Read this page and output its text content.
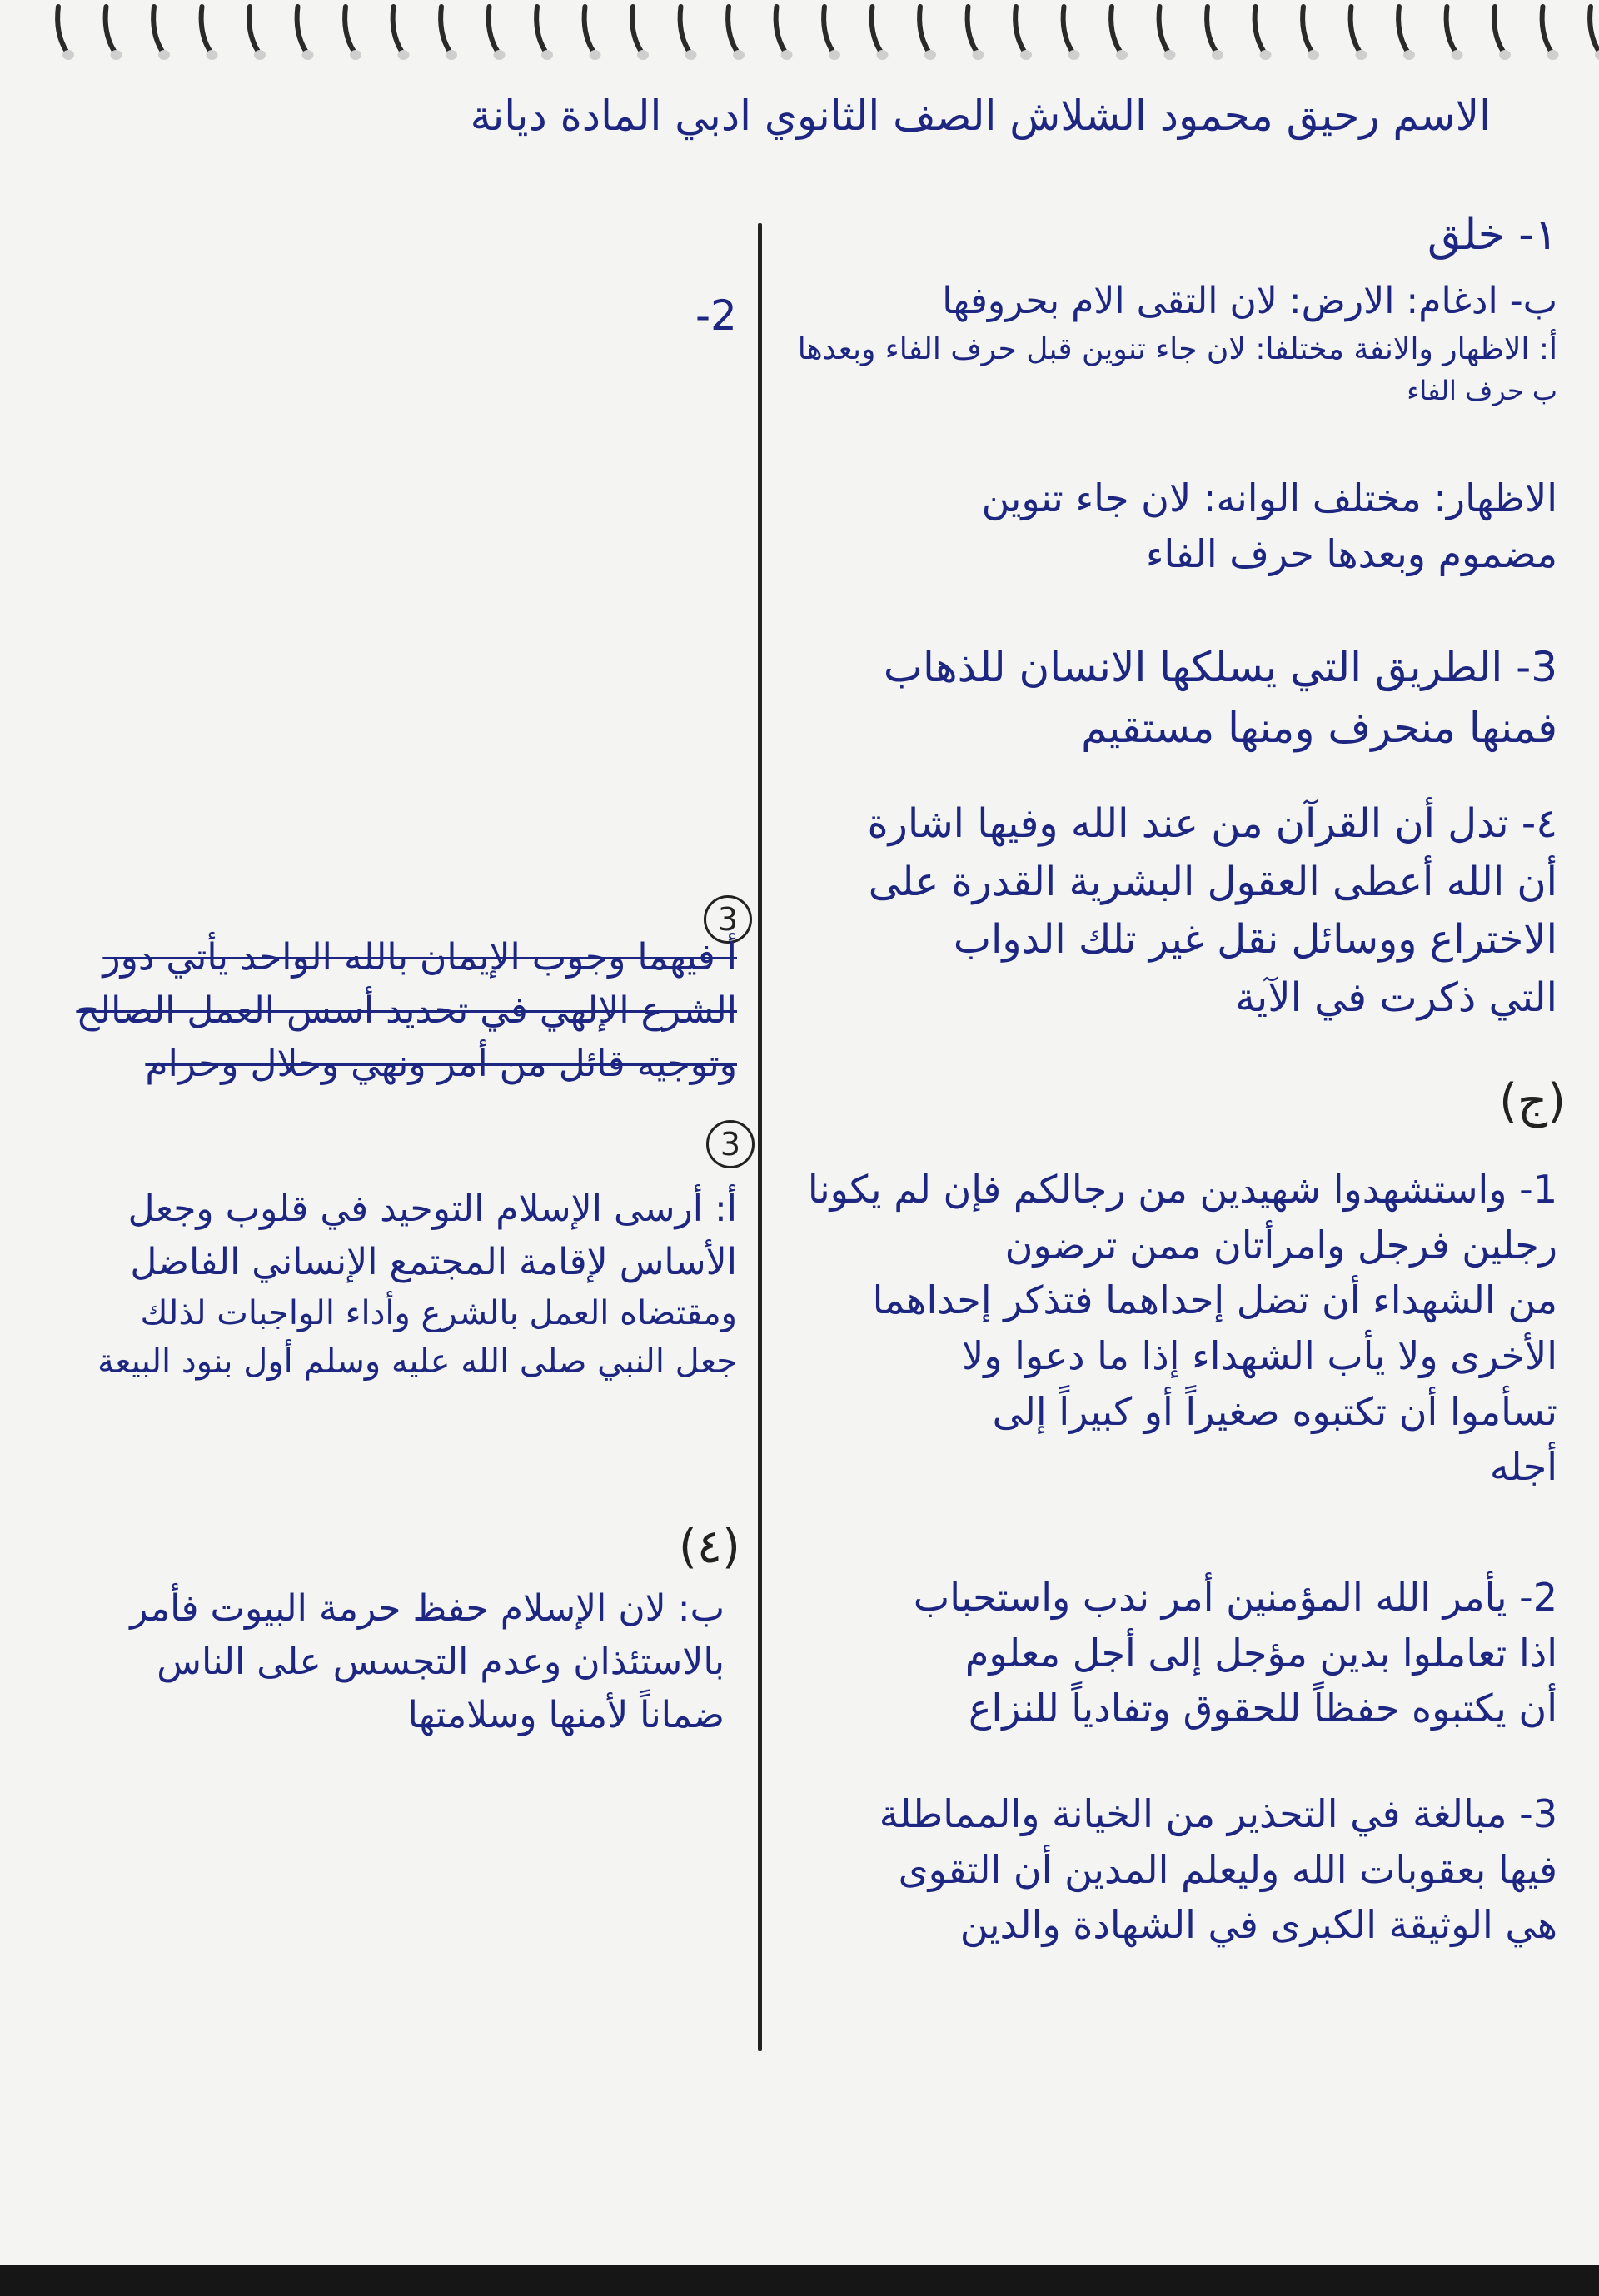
الاسم رحيق محمود الشلاش الصف الثانوي ادبي المادة ديانة
١- خلق
ب- ادغام: الارض: لان التقى الام بحروفها
أ: الاظهار والانفة مختلفا: لان جاء تنوين قبل حرف الفاء وبعدها
ب حرف الفاء
الاظهار: مختلف الوانه: لان جاء تنوين
مضموم وبعدها حرف الفاء
3- الطريق التي يسلكها الانسان للذهاب
فمنها منحرف ومنها مستقيم
٤- تدل أن القرآن من عند الله وفيها اشارة
أن الله أعطى العقول البشرية القدرة على
الاختراع ووسائل نقل غير تلك الدواب
التي ذكرت في الآية
(ج)
1- واستشهدوا شهيدين من رجالكم فإن لم يكونا
رجلين فرجل وامرأتان ممن ترضون
من الشهداء أن تضل إحداهما فتذكر إحداهما
الأخرى ولا يأب الشهداء إذا ما دعوا ولا
تسأموا أن تكتبوه صغيراً أو كبيراً إلى
أجله
2- يأمر الله المؤمنين أمر ندب واستحباب
اذا تعاملوا بدين مؤجل إلى أجل معلوم
أن يكتبوه حفظاً للحقوق وتفادياً للنزاع
3- مبالغة في التحذير من الخيانة والمماطلة
فيها بعقوبات الله وليعلم المدين أن التقوى
هي الوثيقة الكبرى في الشهادة والدين
-2
3
أ فيهما وجوب الإيمان بالله الواحد يأتي دور
الشرع الإلهي في تحديد أسس العمل الصالح
وتوجيه قائل من أمر ونهي وحلال وحرام
3
أ: أرسى الإسلام التوحيد في قلوب وجعل
الأساس لإقامة المجتمع الإنساني الفاضل
ومقتضاه العمل بالشرع وأداء الواجبات لذلك
جعل النبي صلى الله عليه وسلم أول بنود البيعة
(٤)
ب: لان الإسلام حفظ حرمة البيوت فأمر
بالاستئذان وعدم التجسس على الناس
ضماناً لأمنها وسلامتها
